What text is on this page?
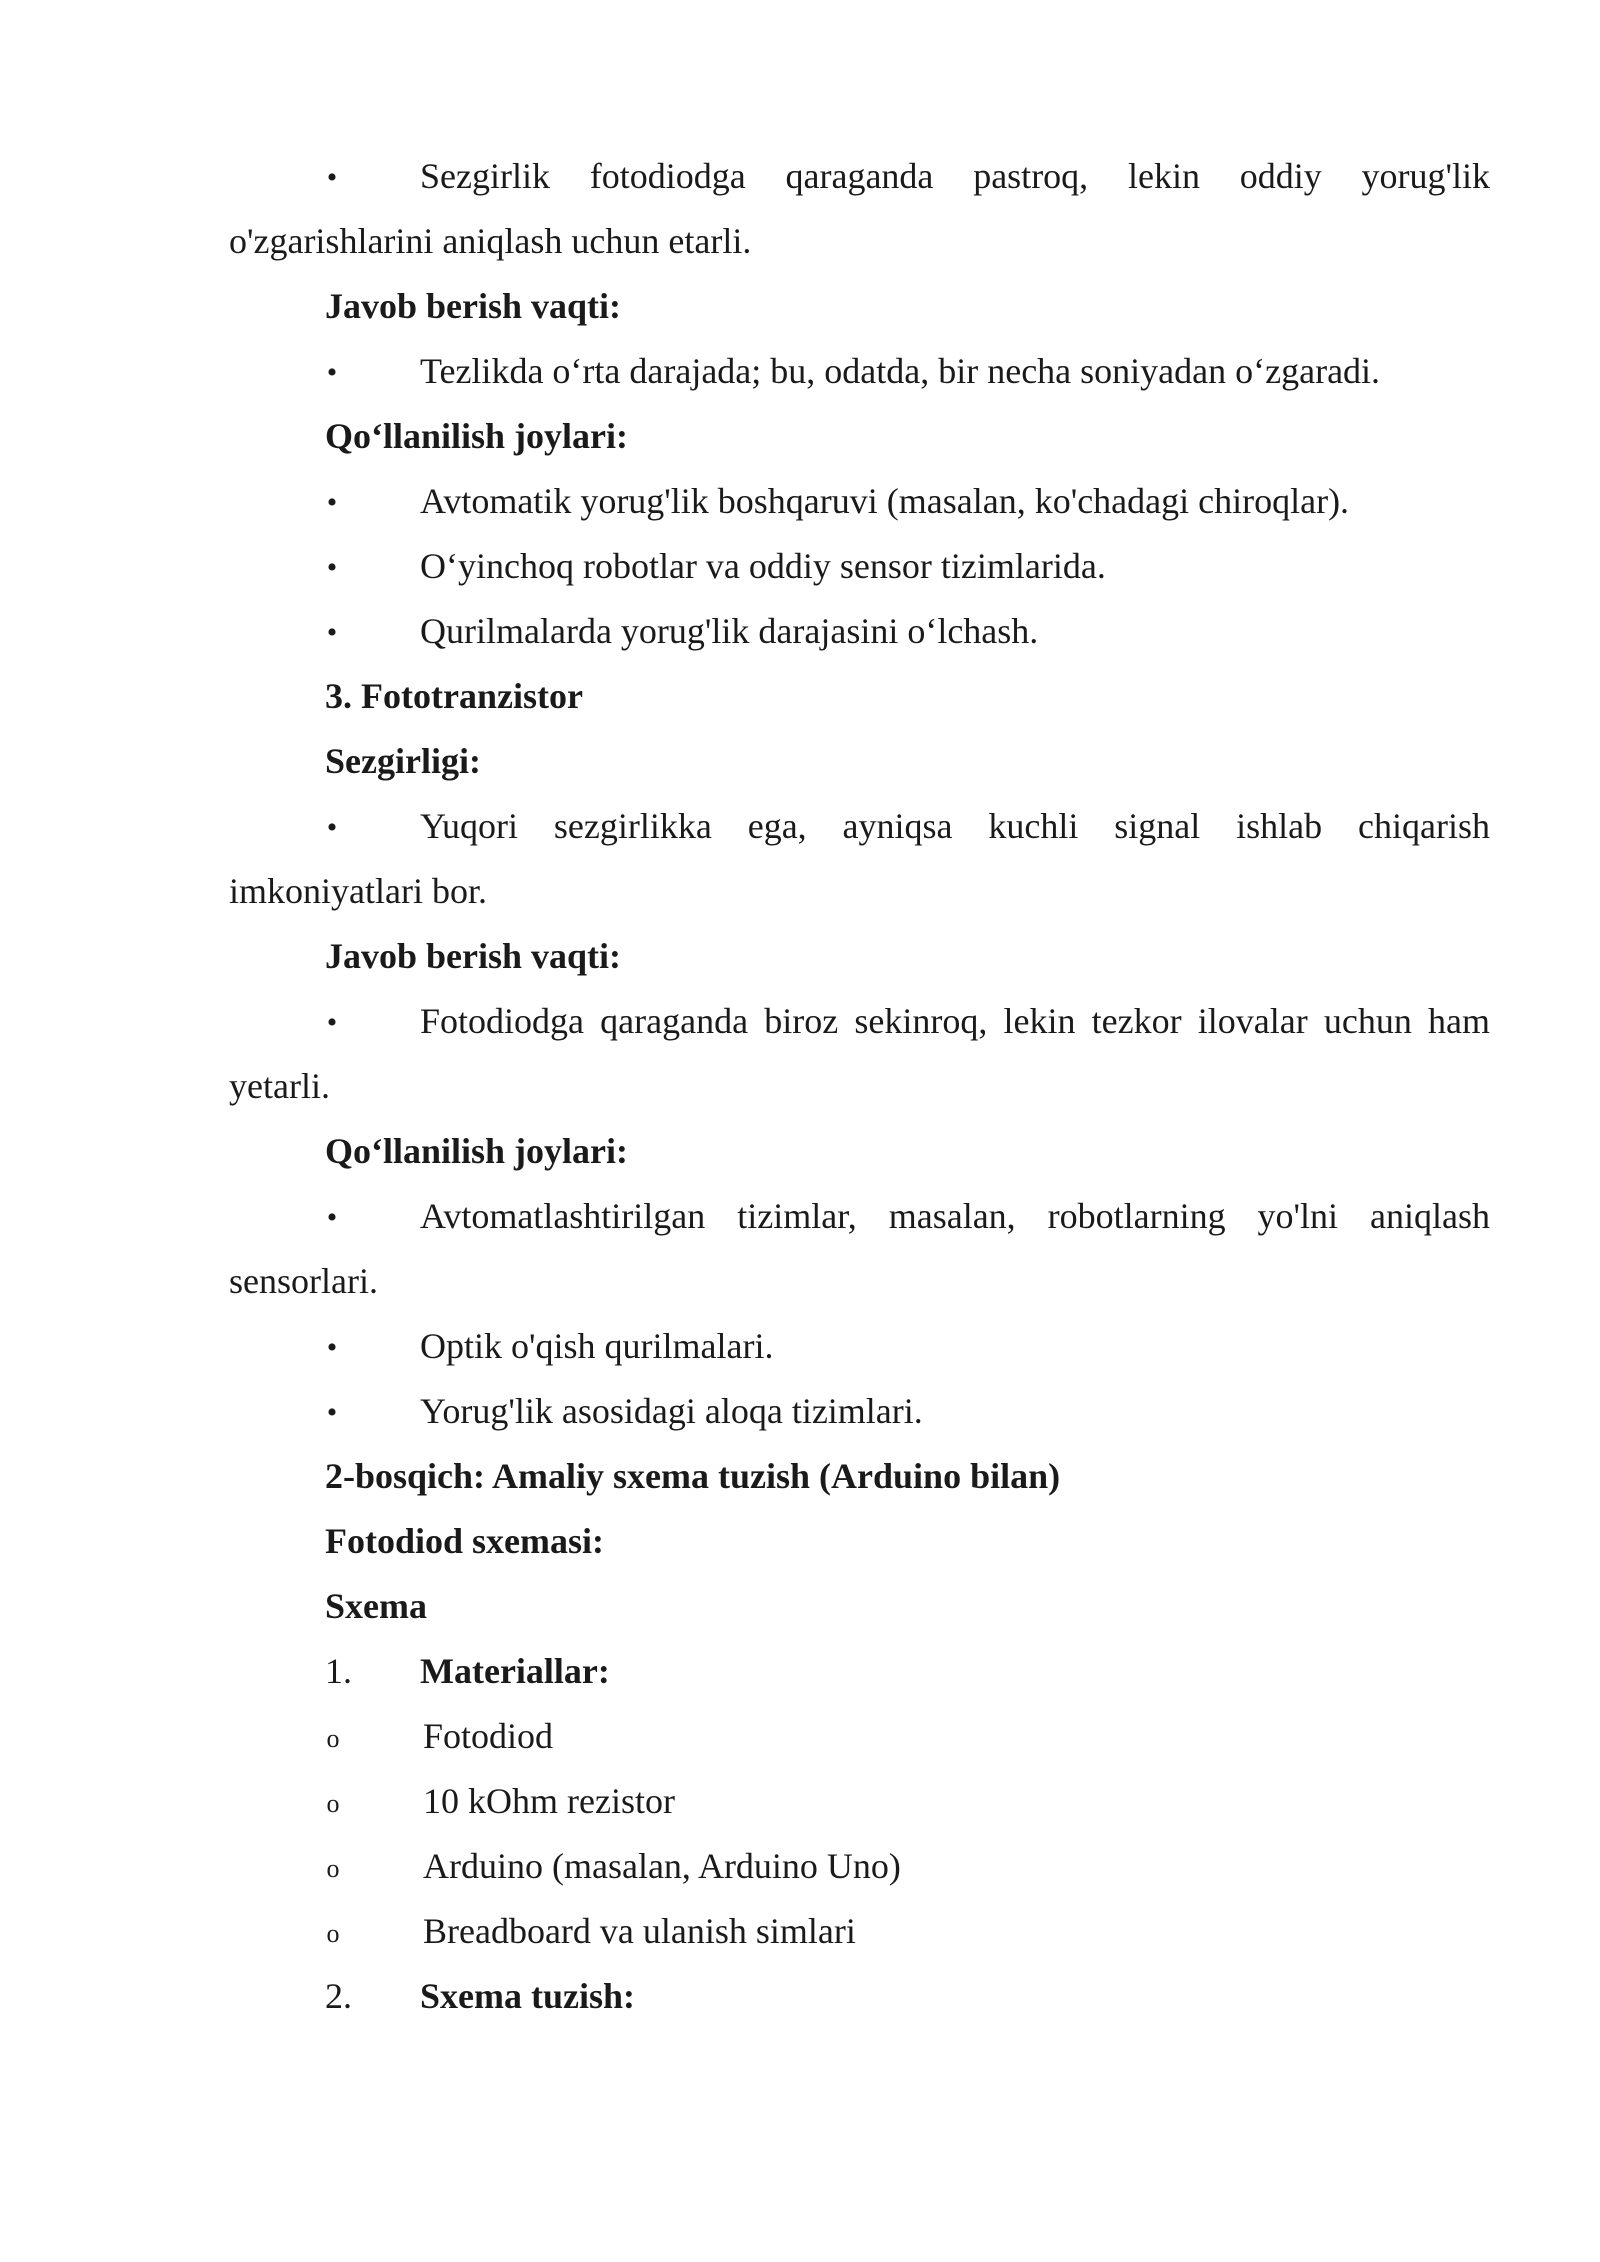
• Sezgirlik fotodiodga qaraganda pastroq, lekin oddiy yorug'lik
o'zgarishlarini aniqlash uchun etarli.
Javob berish vaqti:
• Tezlikda o‘rta darajada; bu, odatda, bir necha soniyadan o‘zgaradi.
Qo‘llanilish joylari:
• Avtomatik yorug'lik boshqaruvi (masalan, ko'chadagi chiroqlar).
• O‘yinchoq robotlar va oddiy sensor tizimlarida.
• Qurilmalarda yorug'lik darajasini o‘lchash.
3. Fototranzistor
Sezgirligi:
• Yuqori sezgirlikka ega, ayniqsa kuchli signal ishlab chiqarish
imkoniyatlari bor.
Javob berish vaqti:
• Fotodiodga qaraganda biroz sekinroq, lekin tezkor ilovalar uchun ham
yetarli.
Qo‘llanilish joylari:
• Avtomatlashtirilgan tizimlar, masalan, robotlarning yo'lni aniqlash
sensorlari.
• Optik o'qish qurilmalari.
• Yorug'lik asosidagi aloqa tizimlari.
2-bosqich: Amaliy sxema tuzish (Arduino bilan)
Fotodiod sxemasi:
Sxema
1. Materiallar:
o Fotodiod
o 10 kOhm rezistor
o Arduino (masalan, Arduino Uno)
o Breadboard va ulanish simlari
2. Sxema tuzish:
